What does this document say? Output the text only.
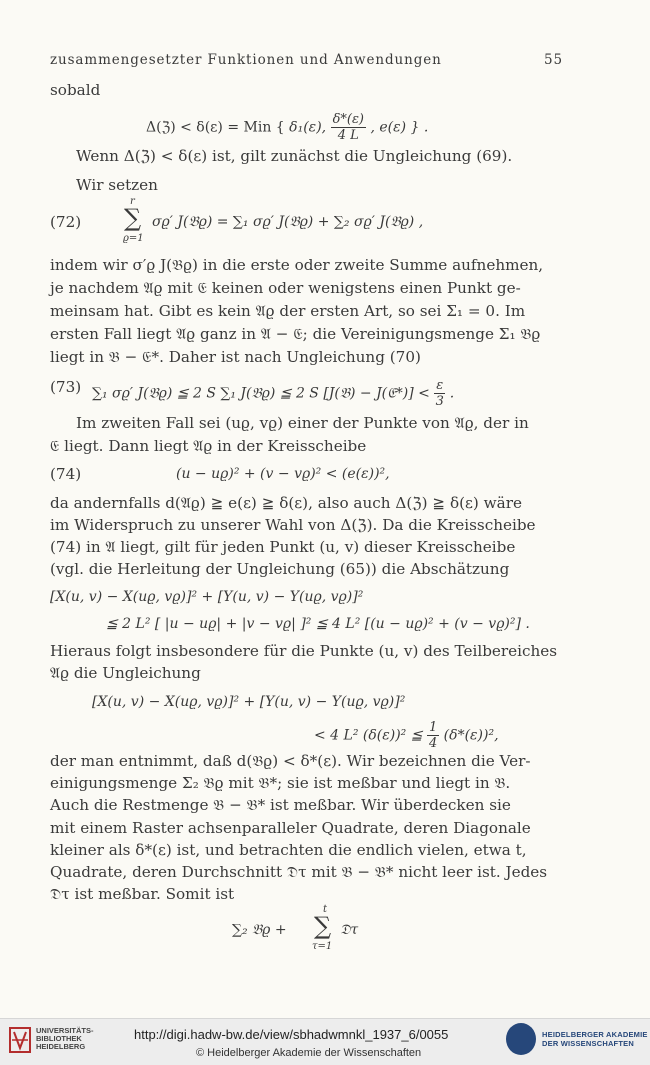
zusammengesetzter Funktionen und Anwendungen	55
sobald
Δ(ℨ) < δ(ε) = Min { δ₁(ε), $\frac{\delta*(\varepsilon)}{4 L}$ , e(ε) } .
Wenn Δ(ℨ) < δ(ε) ist, gilt zunächst die Ungleichung (69).
Wir setzen
(72)
r
∑
ϱ=1
σϱ′ J(𝔅ϱ) = ∑₁ σϱ′ J(𝔅ϱ) + ∑₂ σϱ′ J(𝔅ϱ) ,
indem wir σ′ϱ J(𝔅ϱ) in die erste oder zweite Summe aufnehmen,
je nachdem 𝔄ϱ mit 𝔈 keinen oder wenigstens einen Punkt ge-
meinsam hat. Gibt es kein 𝔄ϱ der ersten Art, so sei Σ₁ = 0. Im
ersten Fall liegt 𝔄ϱ ganz in 𝔄 − 𝔈; die Vereinigungsmenge Σ₁ 𝔅ϱ
liegt in 𝔅 − 𝔈*. Daher ist nach Ungleichung (70)
(73) ∑₁ σϱ′ J(𝔅ϱ) ≦ 2 S ∑₁ J(𝔅ϱ) ≦ 2 S [J(𝔅) − J(𝔈*)] < $\frac{\varepsilon}{3}$ .
Im zweiten Fall sei (uϱ, vϱ) einer der Punkte von 𝔄ϱ, der in
𝔈 liegt. Dann liegt 𝔄ϱ in der Kreisscheibe
(74)	(u − uϱ)² + (v − vϱ)² < (e(ε))²,
da andernfalls d(𝔄ϱ) ≧ e(ε) ≧ δ(ε), also auch Δ(ℨ) ≧ δ(ε) wäre
im Widerspruch zu unserer Wahl von Δ(ℨ). Da die Kreisscheibe
(74) in 𝔄 liegt, gilt für jeden Punkt (u, v) dieser Kreisscheibe
(vgl. die Herleitung der Ungleichung (65)) die Abschätzung
[X(u, v) − X(uϱ, vϱ)]² + [Y(u, v) − Y(uϱ, vϱ)]²
≦ 2 L² [ |u − uϱ| + |v − vϱ| ]² ≦ 4 L² [(u − uϱ)² + (v − vϱ)²] .
Hieraus folgt insbesondere für die Punkte (u, v) des Teilbereiches
𝔄ϱ die Ungleichung
[X(u, v) − X(uϱ, vϱ)]² + [Y(u, v) − Y(uϱ, vϱ)]²
< 4 L² (δ(ε))² ≦ $\frac{1}{4} (\delta*(\varepsilon))^2$,
der man entnimmt, daß d(𝔅ϱ) < δ*(ε). Wir bezeichnen die Ver-
einigungsmenge Σ₂ 𝔅ϱ mit 𝔅*; sie ist meßbar und liegt in 𝔅.
Auch die Restmenge 𝔅 − 𝔅* ist meßbar. Wir überdecken sie
mit einem Raster achsenparalleler Quadrate, deren Diagonale
kleiner als δ*(ε) ist, und betrachten die endlich vielen, etwa t,
Quadrate, deren Durchschnitt 𝔇τ mit 𝔅 − 𝔅* nicht leer ist. Jedes
𝔇τ ist meßbar. Somit ist
∑₂ 𝔅ϱ +
t
∑
τ=1
𝔇τ
UNIVERSITÄTS-
BIBLIOTHEK
HEIDELBERG
http://digi.hadw-bw.de/view/sbhadwmnkl_1937_6/0055
© Heidelberger Akademie der Wissenschaften
HEIDELBERGER AKADEMIE
DER WISSENSCHAFTEN
